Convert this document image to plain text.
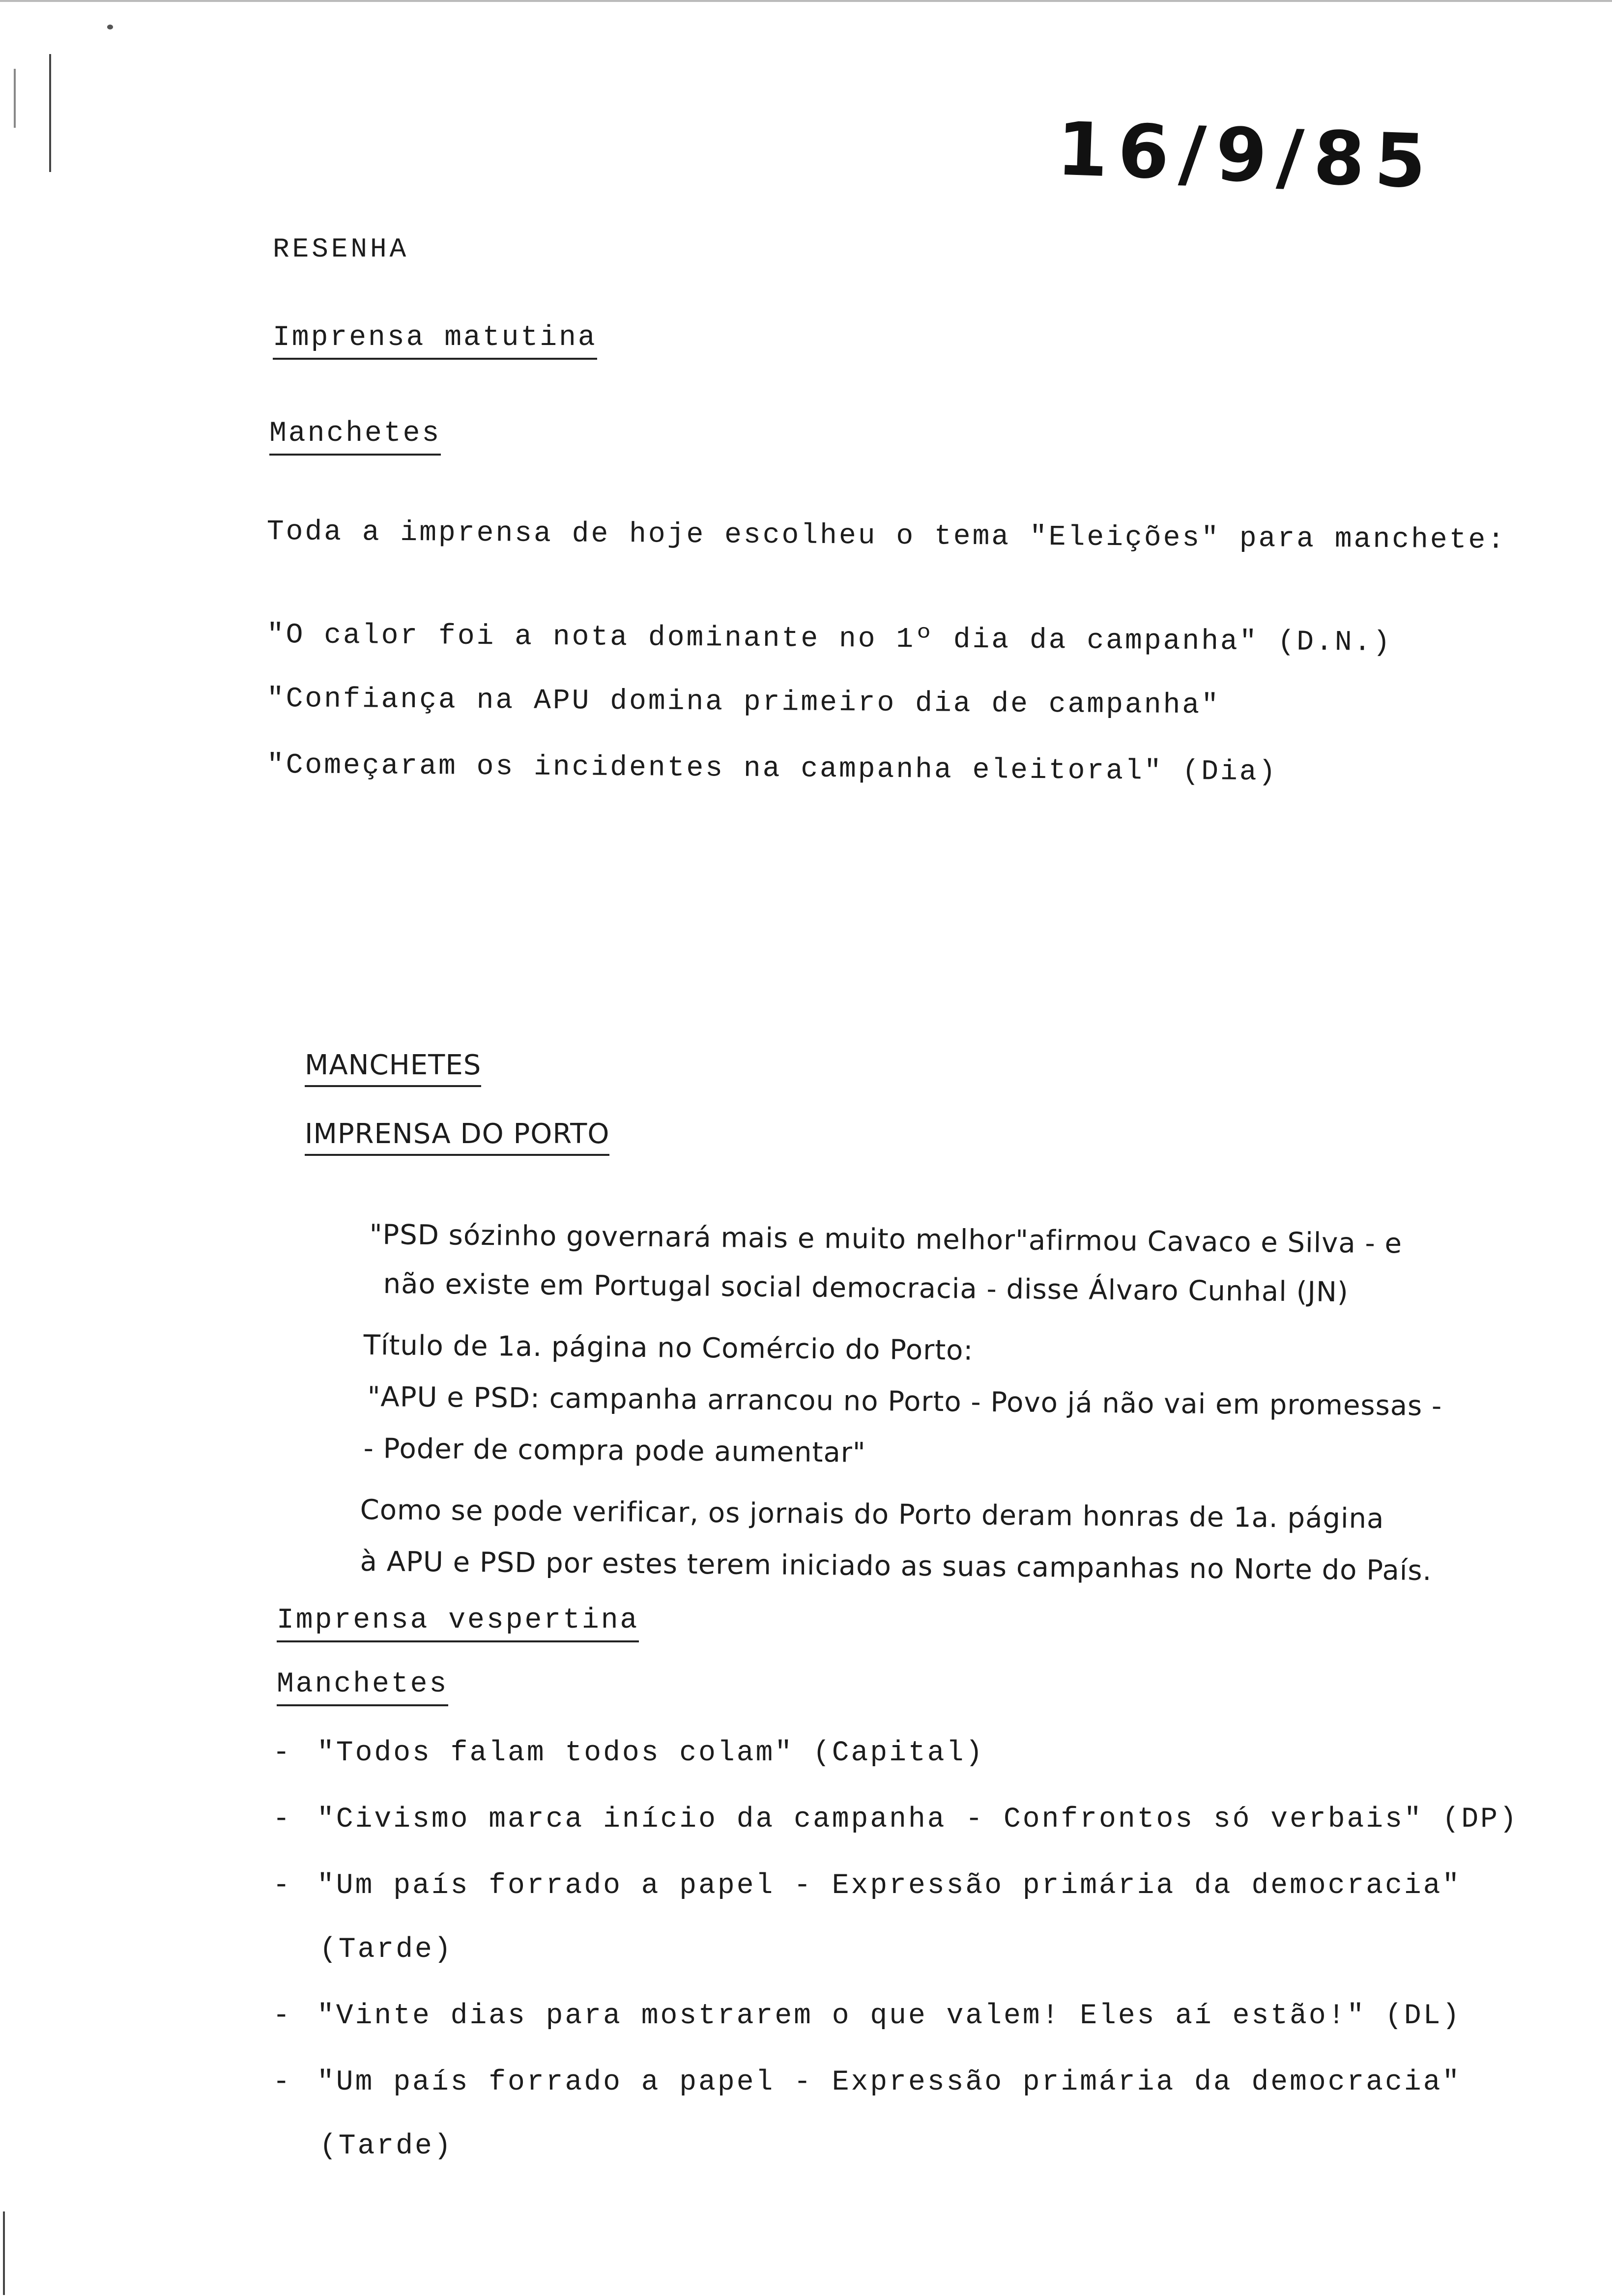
16/9/85
RESENHA
Imprensa matutina
Manchetes
Toda a imprensa de hoje escolheu o tema "Eleições" para manchete:
"O calor foi a nota dominante no 1º dia da campanha" (D.N.)
"Confiança na APU domina primeiro dia de campanha"
"Começaram os incidentes na campanha eleitoral" (Dia)
MANCHETES
IMPRENSA DO PORTO
"PSD sózinho governará mais e muito melhor"afirmou Cavaco e Silva - e
não existe em Portugal social democracia - disse Álvaro Cunhal (JN)
Título de 1a. página no Comércio do Porto:
"APU e PSD: campanha arrancou no Porto - Povo já não vai em promessas -
- Poder de compra pode aumentar"
Como se pode verificar, os jornais do Porto deram honras de 1a. página
à APU e PSD por estes terem iniciado as suas campanhas no Norte do País.
Imprensa vespertina
Manchetes
- "Todos falam todos colam" (Capital)
- "Civismo marca início da campanha - Confrontos só verbais" (DP)
- "Um país forrado a papel - Expressão primária da democracia"
(Tarde)
- "Vinte dias para mostrarem o que valem! Eles aí estão!" (DL)
- "Um país forrado a papel - Expressão primária da democracia"
(Tarde)
